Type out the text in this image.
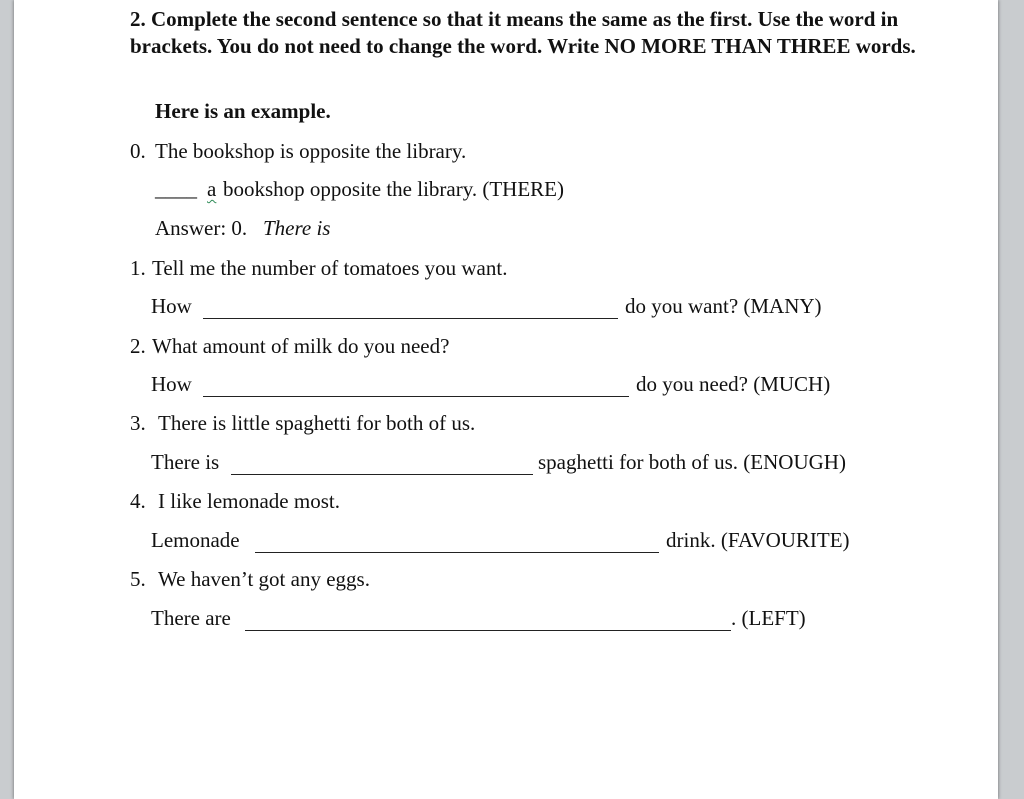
2. Complete the second sentence so that it means the same as the first. Use the word in brackets. You do not need to change the word. Write NO MORE THAN THREE words.
Here is an example.
0. The bookshop is opposite the library.
____ a bookshop opposite the library. (THERE)
Answer: 0. There is
1. Tell me the number of tomatoes you want.
How	do you want? (MANY)
2. What amount of milk do you need?
How	do you need? (MUCH)
3. There is little spaghetti for both of us.
There is	spaghetti for both of us. (ENOUGH)
4. I like lemonade most.
Lemonade	drink. (FAVOURITE)
5. We haven’t got any eggs.
There are	. (LEFT)
